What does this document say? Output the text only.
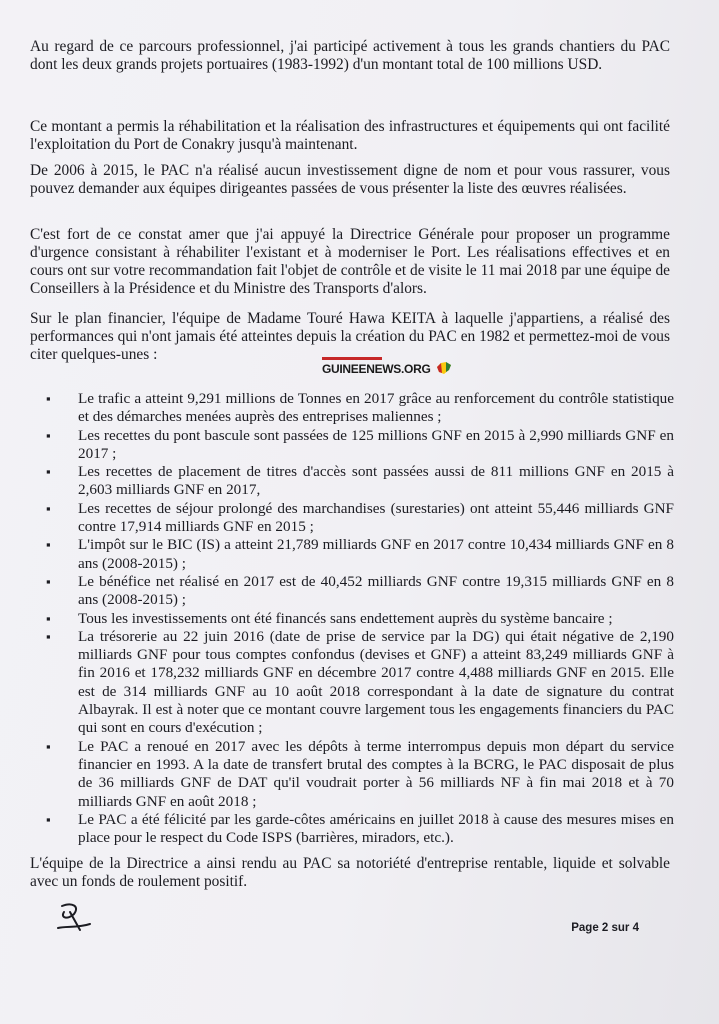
Au regard de ce parcours professionnel, j'ai participé activement à tous les grands chantiers du PAC dont les deux grands projets portuaires (1983-1992) d'un montant total de 100 millions USD.

Ce montant a permis la réhabilitation et la réalisation des infrastructures et équipements qui ont facilité l'exploitation du Port de Conakry jusqu'à maintenant.

De 2006 à 2015, le PAC n'a réalisé aucun investissement digne de nom et pour vous rassurer, vous pouvez demander aux équipes dirigeantes passées de vous présenter la liste des œuvres réalisées.

C'est fort de ce constat amer que j'ai appuyé la Directrice Générale pour proposer un programme d'urgence consistant à réhabiliter l'existant et à moderniser le Port. Les réalisations effectives et en cours ont sur votre recommandation fait l'objet de contrôle et de visite le 11 mai 2018 par une équipe de Conseillers à la Présidence et du Ministre des Transports d'alors.

Sur le plan financier, l'équipe de Madame Touré Hawa KEITA à laquelle j'appartiens, a réalisé des performances qui n'ont jamais été atteintes depuis la création du PAC en 1982 et permettez-moi de vous citer quelques-unes :

GUINEENEWS.ORG
▪ Le trafic a atteint 9,291 millions de Tonnes en 2017 grâce au renforcement du contrôle statistique et des démarches menées auprès des entreprises maliennes ;
▪ Les recettes du pont bascule sont passées de 125 millions GNF en 2015 à 2,990 milliards GNF en 2017 ;
▪ Les recettes de placement de titres d'accès sont passées aussi de 811 millions GNF en 2015 à 2,603 milliards GNF en 2017,
▪ Les recettes de séjour prolongé des marchandises (surestaries) ont atteint 55,446 milliards GNF contre 17,914 milliards GNF en 2015 ;
▪ L'impôt sur le BIC (IS) a atteint 21,789 milliards GNF en 2017 contre 10,434 milliards GNF en 8 ans (2008-2015) ;
▪ Le bénéfice net réalisé en 2017 est de 40,452 milliards GNF contre 19,315 milliards GNF en 8 ans (2008-2015) ;
▪ Tous les investissements ont été financés sans endettement auprès du système bancaire ;
▪ La trésorerie au 22 juin 2016 (date de prise de service par la DG) qui était négative de 2,190 milliards GNF pour tous comptes confondus (devises et GNF) a atteint 83,249 milliards GNF à fin 2016 et 178,232 milliards GNF en décembre 2017 contre 4,488 milliards GNF en 2015. Elle est de 314 milliards GNF au 10 août 2018 correspondant à la date de signature du contrat Albayrak. Il est à noter que ce montant couvre largement tous les engagements financiers du PAC qui sont en cours d'exécution ;
▪ Le PAC a renoué en 2017 avec les dépôts à terme interrompus depuis mon départ du service financier en 1993. A la date de transfert brutal des comptes à la BCRG, le PAC disposait de plus de 36 milliards GNF de DAT qu'il voudrait porter à 56 milliards NF à fin mai 2018 et à 70 milliards GNF en août 2018 ;
▪ Le PAC a été félicité par les garde-côtes américains en juillet 2018 à cause des mesures mises en place pour le respect du Code ISPS (barrières, miradors, etc.).

L'équipe de la Directrice a ainsi rendu au PAC sa notoriété d'entreprise rentable, liquide et solvable avec un fonds de roulement positif.

Page 2 sur 4
